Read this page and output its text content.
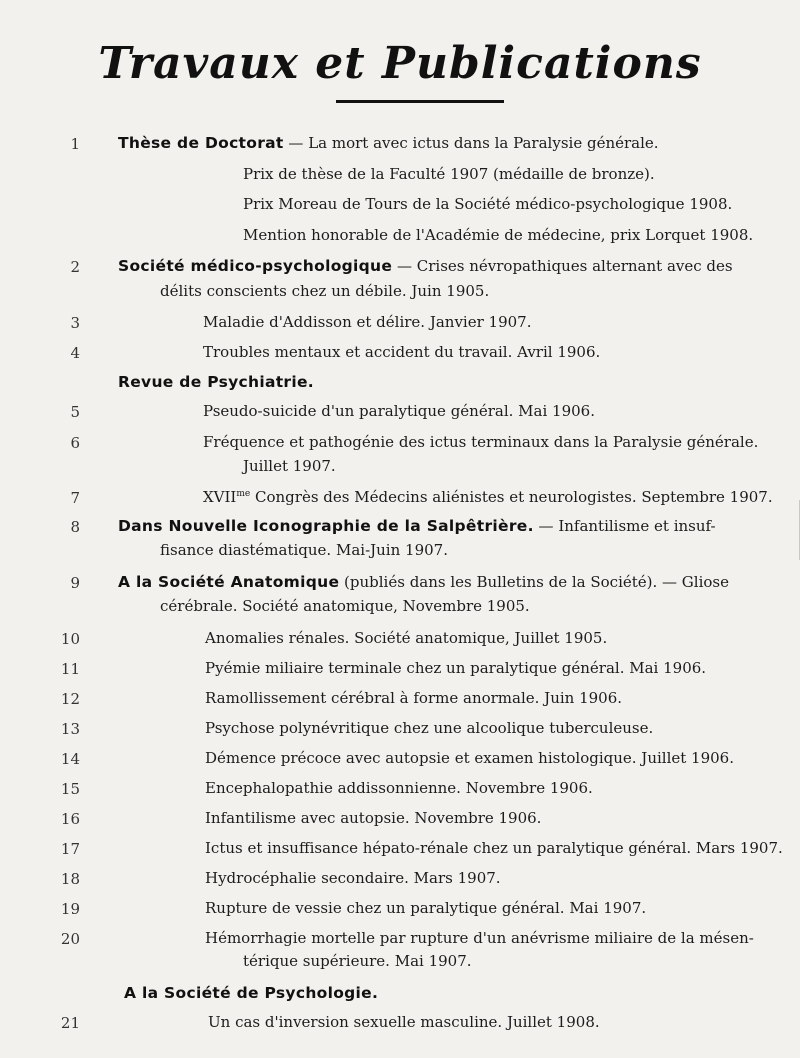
Travaux et Publications
1 Thèse de Doctorat — La mort avec ictus dans la Paralysie générale.
Prix de thèse de la Faculté 1907 (médaille de bronze).
Prix Moreau de Tours de la Société médico-psychologique 1908.
Mention honorable de l'Académie de médecine, prix Lorquet 1908.
2 Société médico-psychologique — Crises névropathiques alternant avec des
délits conscients chez un débile. Juin 1905.
3	Maladie d'Addisson et délire. Janvier 1907.
4	Troubles mentaux et accident du travail. Avril 1906.
Revue de Psychiatrie.
5	Pseudo-suicide d'un paralytique général. Mai 1906.
6	Fréquence et pathogénie des ictus terminaux dans la Paralysie générale.
Juillet 1907.
7	$XVII^{me}$ Congrès des Médecins aliénistes et neurologistes. Septembre 1907.
8 Dans Nouvelle Iconographie de la Salpêtrière. — Infantilisme et insuf-
fisance diastématique. Mai-Juin 1907.
9 A la Société Anatomique (publiés dans les Bulletins de la Société). — Gliose
cérébrale. Société anatomique, Novembre 1905.
10	Anomalies rénales. Société anatomique, Juillet 1905.
11	Pyémie miliaire terminale chez un paralytique général. Mai 1906.
12	Ramollissement cérébral à forme anormale. Juin 1906.
13	Psychose polynévritique chez une alcoolique tuberculeuse.
14	Démence précoce avec autopsie et examen histologique. Juillet 1906.
15	Encephalopathie addissonnienne. Novembre 1906.
16	Infantilisme avec autopsie. Novembre 1906.
17	Ictus et insuffisance hépato-rénale chez un paralytique général. Mars 1907.
18	Hydrocéphalie secondaire. Mars 1907.
19	Rupture de vessie chez un paralytique général. Mai 1907.
20	Hémorrhagie mortelle par rupture d'un anévrisme miliaire de la mésen-
térique supérieure. Mai 1907.
A la Société de Psychologie.
21	Un cas d'inversion sexuelle masculine. Juillet 1908.
